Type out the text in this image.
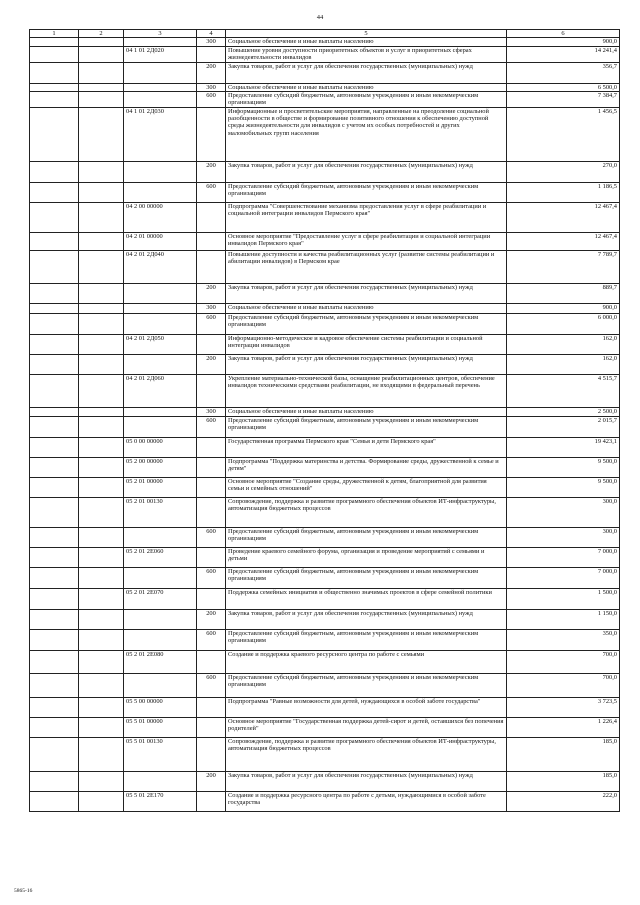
44
1	2	3	4	5	6
			300	Социальное обеспечение и иные выплаты населению	900,0
		04 1 01 2Д020		Повышение уровня доступности приоритетных объектов и услуг в приоритетных сферах жизнедеятельности инвалидов	14 241,4
			200	Закупка товаров, работ и услуг для обеспечения государственных (муниципальных) нужд	356,7
			300	Социальное обеспечение и иные выплаты населению	6 500,0
			600	Предоставление субсидий бюджетным, автономным учреждениям и иным некоммерческим организациям	7 384,7
		04 1 01 2Д030		Информационные и просветительские мероприятия, направленные на преодоление социальной разобщенности в обществе и формирование позитивного отношения к обеспечению доступной среды жизнедеятельности для инвалидов с учетом их особых потребностей и других маломобильных групп населения	1 456,5
			200	Закупка товаров, работ и услуг для обеспечения государственных (муниципальных) нужд	270,0
			600	Предоставление субсидий бюджетным, автономным учреждениям и иным некоммерческим организациям	1 186,5
		04 2 00 00000		Подпрограмма "Совершенствование механизма предоставления услуг в сфере реабилитации и социальной интеграции инвалидов Пермского края"	12 467,4
		04 2 01 00000		Основное мероприятие "Предоставление услуг в сфере реабилитации и социальной интеграции инвалидов Пермского края"	12 467,4
		04 2 01 2Д040		Повышение доступности и качества реабилитационных услуг (развитие системы реабилитации и абилитации инвалидов) в Пермском крае	7 789,7
			200	Закупка товаров, работ и услуг для обеспечения государственных (муниципальных) нужд	889,7
			300	Социальное обеспечение и иные выплаты населению	900,0
			600	Предоставление субсидий бюджетным, автономным учреждениям и иным некоммерческим организациям	6 000,0
		04 2 01 2Д050		Информационно-методическое и кадровое обеспечение системы реабилитации и социальной интеграции инвалидов	162,0
			200	Закупка товаров, работ и услуг для обеспечения государственных (муниципальных) нужд	162,0
		04 2 01 2Д060		Укрепление материально-технической базы, оснащение реабилитационных центров, обеспечение инвалидов техническими средствами реабилитации, не входящими в федеральный перечень	4 515,7
			300	Социальное обеспечение и иные выплаты населению	2 500,0
			600	Предоставление субсидий бюджетным, автономным учреждениям и иным некоммерческим организациям	2 015,7
		05 0 00 00000		Государственная программа Пермского края "Семья и дети Пермского края"	19 423,1
		05 2 00 00000		Подпрограмма "Поддержка материнства и детства. Формирование среды, дружественной к семье и детям"	9 500,0
		05 2 01 00000		Основное мероприятие "Создание среды, дружественной к детям, благоприятной для развития семьи и семейных отношений"	9 500,0
		05 2 01 00130		Сопровождение, поддержка и развитие программного обеспечения объектов ИТ-инфраструктуры, автоматизация бюджетных процессов	300,0
			600	Предоставление субсидий бюджетным, автономным учреждениям и иным некоммерческим организациям	300,0
		05 2 01 2Е060		Проведение краевого семейного форума, организация и проведение мероприятий с семьями и детьми	7 000,0
			600	Предоставление субсидий бюджетным, автономным учреждениям и иным некоммерческим организациям	7 000,0
		05 2 01 2Е070		Поддержка семейных инициатив и общественно значимых проектов в сфере семейной политики	1 500,0
			200	Закупка товаров, работ и услуг для обеспечения государственных (муниципальных) нужд	1 150,0
			600	Предоставление субсидий бюджетным, автономным учреждениям и иным некоммерческим организациям	350,0
		05 2 01 2Е080		Создание и поддержка краевого ресурсного центра по работе с семьями	700,0
			600	Предоставление субсидий бюджетным, автономным учреждениям и иным некоммерческим организациям	700,0
		05 5 00 00000		Подпрограмма "Равные возможности для детей, нуждающихся в особой заботе государства"	3 723,5
		05 5 01 00000		Основное мероприятие "Государственная поддержка детей-сирот и детей, оставшихся без попечения родителей"	1 226,4
		05 5 01 00130		Сопровождение, поддержка и развитие программного обеспечения объектов ИТ-инфраструктуры, автоматизация бюджетных процессов	185,0
			200	Закупка товаров, работ и услуг для обеспечения государственных (муниципальных) нужд	185,0
		05 5 01 2Е170		Создание и поддержка ресурсного центра по работе с детьми, нуждающимися в особой заботе государства	222,0
5865-16
